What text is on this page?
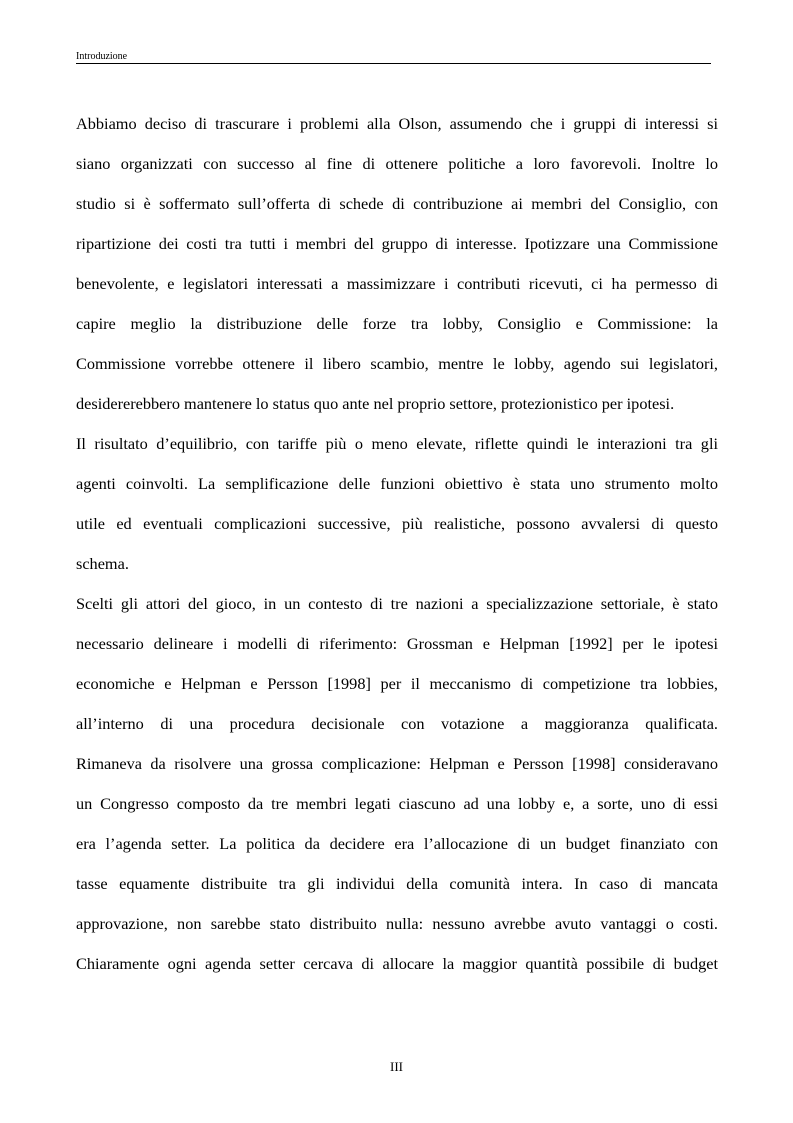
Introduzione
Abbiamo deciso di trascurare i problemi alla Olson, assumendo che i gruppi di interessi si
siano organizzati con successo al fine di ottenere politiche a loro favorevoli. Inoltre lo
studio si è soffermato sull’offerta di schede di contribuzione ai membri del Consiglio, con
ripartizione dei costi tra tutti i membri del gruppo di interesse. Ipotizzare una Commissione
benevolente, e legislatori interessati a massimizzare i contributi ricevuti, ci ha permesso di
capire meglio la distribuzione delle forze tra lobby, Consiglio e Commissione: la
Commissione vorrebbe ottenere il libero scambio, mentre le lobby, agendo sui legislatori,
desidererebbero mantenere lo status quo ante nel proprio settore, protezionistico per ipotesi.
Il risultato d’equilibrio, con tariffe più o meno elevate, riflette quindi le interazioni tra gli
agenti coinvolti. La semplificazione delle funzioni obiettivo è stata uno strumento molto
utile ed eventuali complicazioni successive, più realistiche, possono avvalersi di questo
schema.
Scelti gli attori del gioco, in un contesto di tre nazioni a specializzazione settoriale, è stato
necessario delineare i modelli di riferimento: Grossman e Helpman [1992] per le ipotesi
economiche e Helpman e Persson [1998] per il meccanismo di competizione tra lobbies,
all’interno di una procedura decisionale con votazione a maggioranza qualificata.
Rimaneva da risolvere una grossa complicazione: Helpman e Persson [1998] consideravano
un Congresso composto da tre membri legati ciascuno ad una lobby e, a sorte, uno di essi
era l’agenda setter. La politica da decidere era l’allocazione di un budget finanziato con
tasse equamente distribuite tra gli individui della comunità intera. In caso di mancata
approvazione, non sarebbe stato distribuito nulla: nessuno avrebbe avuto vantaggi o costi.
Chiaramente ogni agenda setter cercava di allocare la maggior quantità possibile di budget
III
